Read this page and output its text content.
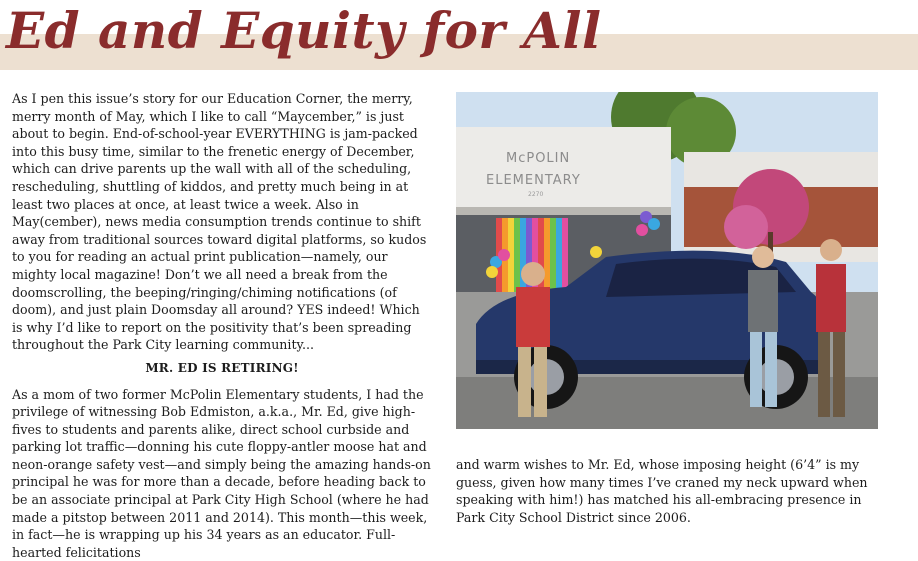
Ed and Equity for All

As I pen this issue’s story for our Education Corner, the merry, merry month of May, which I like to call “Maycember,” is just about to begin. End-of-school-year EVERYTHING is jam-packed into this busy time, similar to the frenetic energy of December, which can drive parents up the wall with all of the scheduling, rescheduling, shuttling of kiddos, and pretty much being in at least two places at once, at least twice a week. Also in May(cember), news media consumption trends continue to shift away from traditional sources toward digital platforms, so kudos to you for reading an actual print publication—namely, our mighty local magazine! Don’t we all need a break from the doomscrolling, the beeping/ringing/chiming notifications (of doom), and just plain Doomsday all around? YES indeed! Which is why I’d like to report on the positivity that’s been spreading throughout the Park City learning community...

MR. ED IS RETIRING!

As a mom of two former McPolin Elementary students, I had the privilege of witnessing Bob Edmiston, a.k.a., Mr. Ed, give high-fives to students and parents alike, direct school curbside and parking lot traffic—donning his cute floppy-antler moose hat and neon-orange safety vest—and simply being the amazing hands-on principal he was for more than a decade, before heading back to be an associate principal at Park City High School (where he had made a pitstop between 2011 and 2014). This month—this week, in fact—he is wrapping up his 34 years as an educator. Full-hearted felicitations

McPOLIN
ELEMENTARY
2270

and warm wishes to Mr. Ed, whose imposing height (6’4” is my guess, given how many times I’ve craned my neck upward when speaking with him!) has matched his all-embracing presence in Park City School District since 2006.
